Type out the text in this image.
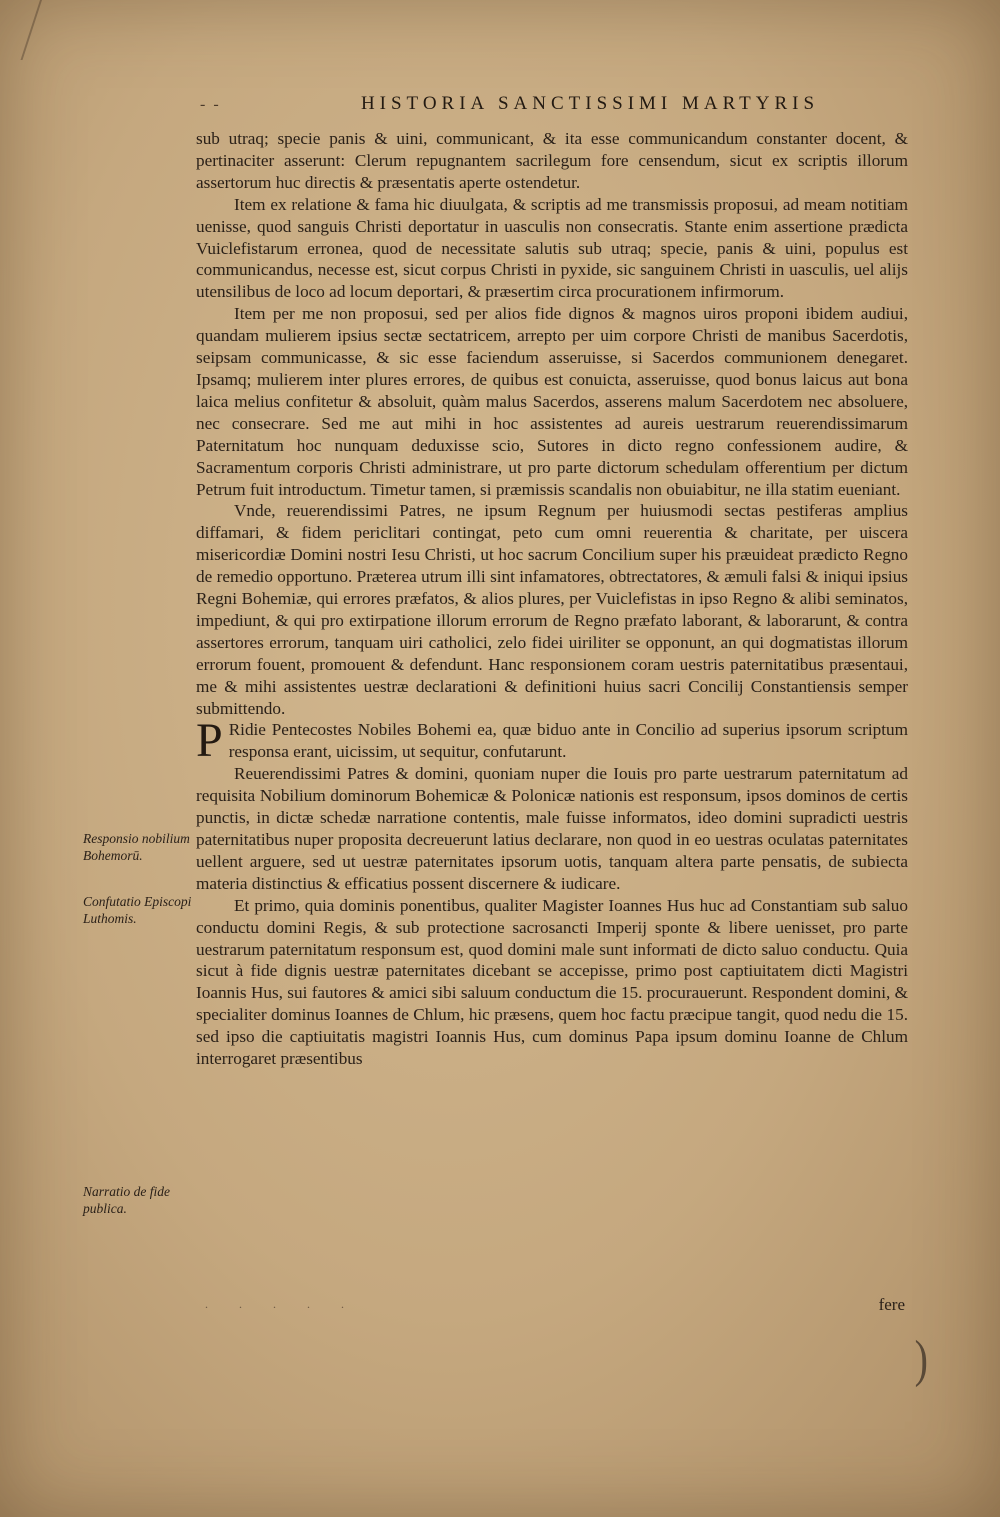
- -	HISTORIA SANCTISSIMI MARTYRIS

sub utraq; specie panis & uini, communicant, & ita esse communicandum constanter docent, & pertinaciter asserunt: Clerum repugnantem sacrilegum fore censendum, sicut ex scriptis illorum assertorum huc directis & præsentatis aperte ostendetur.

Item ex relatione & fama hic diuulgata, & scriptis ad me transmissis proposui, ad meam notitiam uenisse, quod sanguis Christi deportatur in uasculis non consecratis. Stante enim assertione prædicta Vuiclefistarum erronea, quod de necessitate salutis sub utraq; specie, panis & uini, populus est communicandus, necesse est, sicut corpus Christi in pyxide, sic sanguinem Christi in uasculis, uel alijs utensilibus de loco ad locum deportari, & præsertim circa procurationem infirmorum.

Item per me non proposui, sed per alios fide dignos & magnos uiros proponi ibidem audiui, quandam mulierem ipsius sectæ sectatricem, arrepto per uim corpore Christi de manibus Sacerdotis, seipsam communicasse, & sic esse faciendum asseruisse, si Sacerdos communionem denegaret. Ipsamq; mulierem inter plures errores, de quibus est conuicta, asseruisse, quod bonus laicus aut bona laica melius confitetur & absoluit, quàm malus Sacerdos, asserens malum Sacerdotem nec absoluere, nec consecrare. Sed me aut mihi in hoc assistentes ad aureis uestrarum reuerendissimarum Paternitatum hoc nunquam deduxisse scio, Sutores in dicto regno confessionem audire, & Sacramentum corporis Christi administrare, ut pro parte dictorum schedulam offerentium per dictum Petrum fuit introductum. Timetur tamen, si præmissis scandalis non obuiabitur, ne illa statim eueniant.

Vnde, reuerendissimi Patres, ne ipsum Regnum per huiusmodi sectas pestiferas amplius diffamari, & fidem periclitari contingat, peto cum omni reuerentia & charitate, per uiscera misericordiæ Domini nostri Iesu Christi, ut hoc sacrum Concilium super his præuideat prædicto Regno de remedio opportuno. Præterea utrum illi sint infamatores, obtrectatores, & æmuli falsi & iniqui ipsius Regni Bohemiæ, qui errores præfatos, & alios plures, per Vuiclefistas in ipso Regno & alibi seminatos, impediunt, & qui pro extirpatione illorum errorum de Regno præfato laborant, & laborarunt, & contra assertores errorum, tanquam uiri catholici, zelo fidei uiriliter se opponunt, an qui dogmatistas illorum errorum fouent, promouent & defendunt. Hanc responsionem coram uestris paternitatibus præsentaui, me & mihi assistentes uestræ declarationi & definitioni huius sacri Concilij Constantiensis semper submittendo.

P Ridie Pentecostes Nobiles Bohemi ea, quæ biduo ante in Concilio ad superius ipsorum scriptum responsa erant, uicissim, ut sequitur, confutarunt.

Reuerendissimi Patres & domini, quoniam nuper die Iouis pro parte uestrarum paternitatum ad requisita Nobilium dominorum Bohemicæ & Polonicæ nationis est responsum, ipsos dominos de certis punctis, in dictæ schedæ narratione contentis, male fuisse informatos, ideo domini supradicti uestris paternitatibus nuper proposita decreuerunt latius declarare, non quod in eo uestras oculatas paternitates uellent arguere, sed ut uestræ paternitates ipsorum uotis, tanquam altera parte pensatis, de subiecta materia distinctius & efficatius possent discernere & iudicare.

Et primo, quia dominis ponentibus, qualiter Magister Ioannes Hus huc ad Constantiam sub saluo conductu domini Regis, & sub protectione sacrosancti Imperij sponte & libere uenisset, pro parte uestrarum paternitatum responsum est, quod domini male sunt informati de dicto saluo conductu. Quia sicut à fide dignis uestræ paternitates dicebant se accepisse, primo post captiuitatem dicti Magistri Ioannis Hus, sui fautores & amici sibi saluum conductum die 15. procurauerunt. Respondent domini, & specialiter dominus Ioannes de Chlum, hic præsens, quem hoc factu præcipue tangit, quod nedu die 15. sed ipso die captiuitatis magistri Ioannis Hus, cum dominus Papa ipsum dominu Ioanne de Chlum interrogaret præsentibus

Responsio nobilium Bohemorū.
Confutatio Episcopi Luthomis.
Narratio de fide publica.
. . . . .	fere
)
